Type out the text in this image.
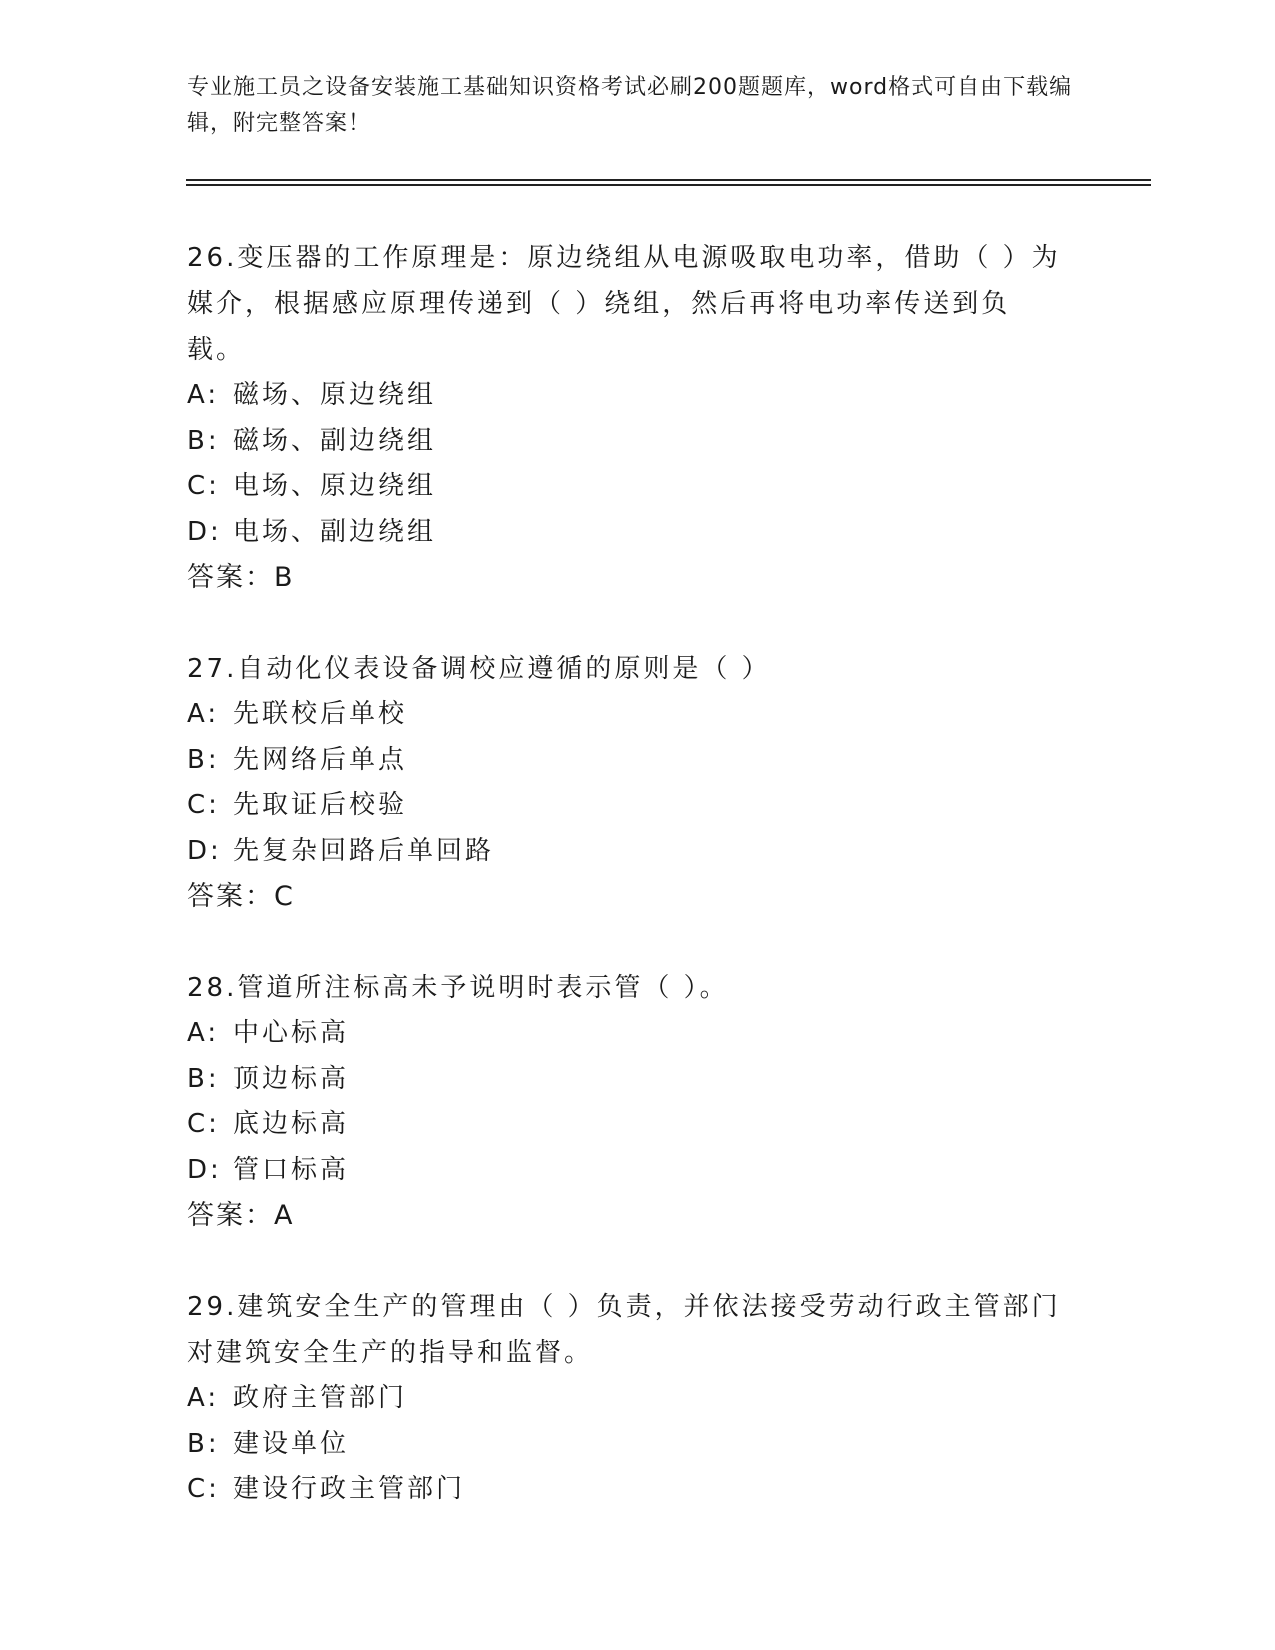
专业施工员之设备安装施工基础知识资格考试必刷200题题库，word格式可自由下载编辑，附完整答案！
26.变压器的工作原理是：原边绕组从电源吸取电功率，借助（ ）为媒介，根据感应原理传递到（ ）绕组，然后再将电功率传送到负载。
A: 磁场、原边绕组
B: 磁场、副边绕组
C: 电场、原边绕组
D: 电场、副边绕组
答案：B
27.自动化仪表设备调校应遵循的原则是（ ）
A: 先联校后单校
B: 先网络后单点
C: 先取证后校验
D: 先复杂回路后单回路
答案：C
28.管道所注标高未予说明时表示管（ ）。
A: 中心标高
B: 顶边标高
C: 底边标高
D: 管口标高
答案：A
29.建筑安全生产的管理由（ ）负责，并依法接受劳动行政主管部门对建筑安全生产的指导和监督。
A: 政府主管部门
B: 建设单位
C: 建设行政主管部门
